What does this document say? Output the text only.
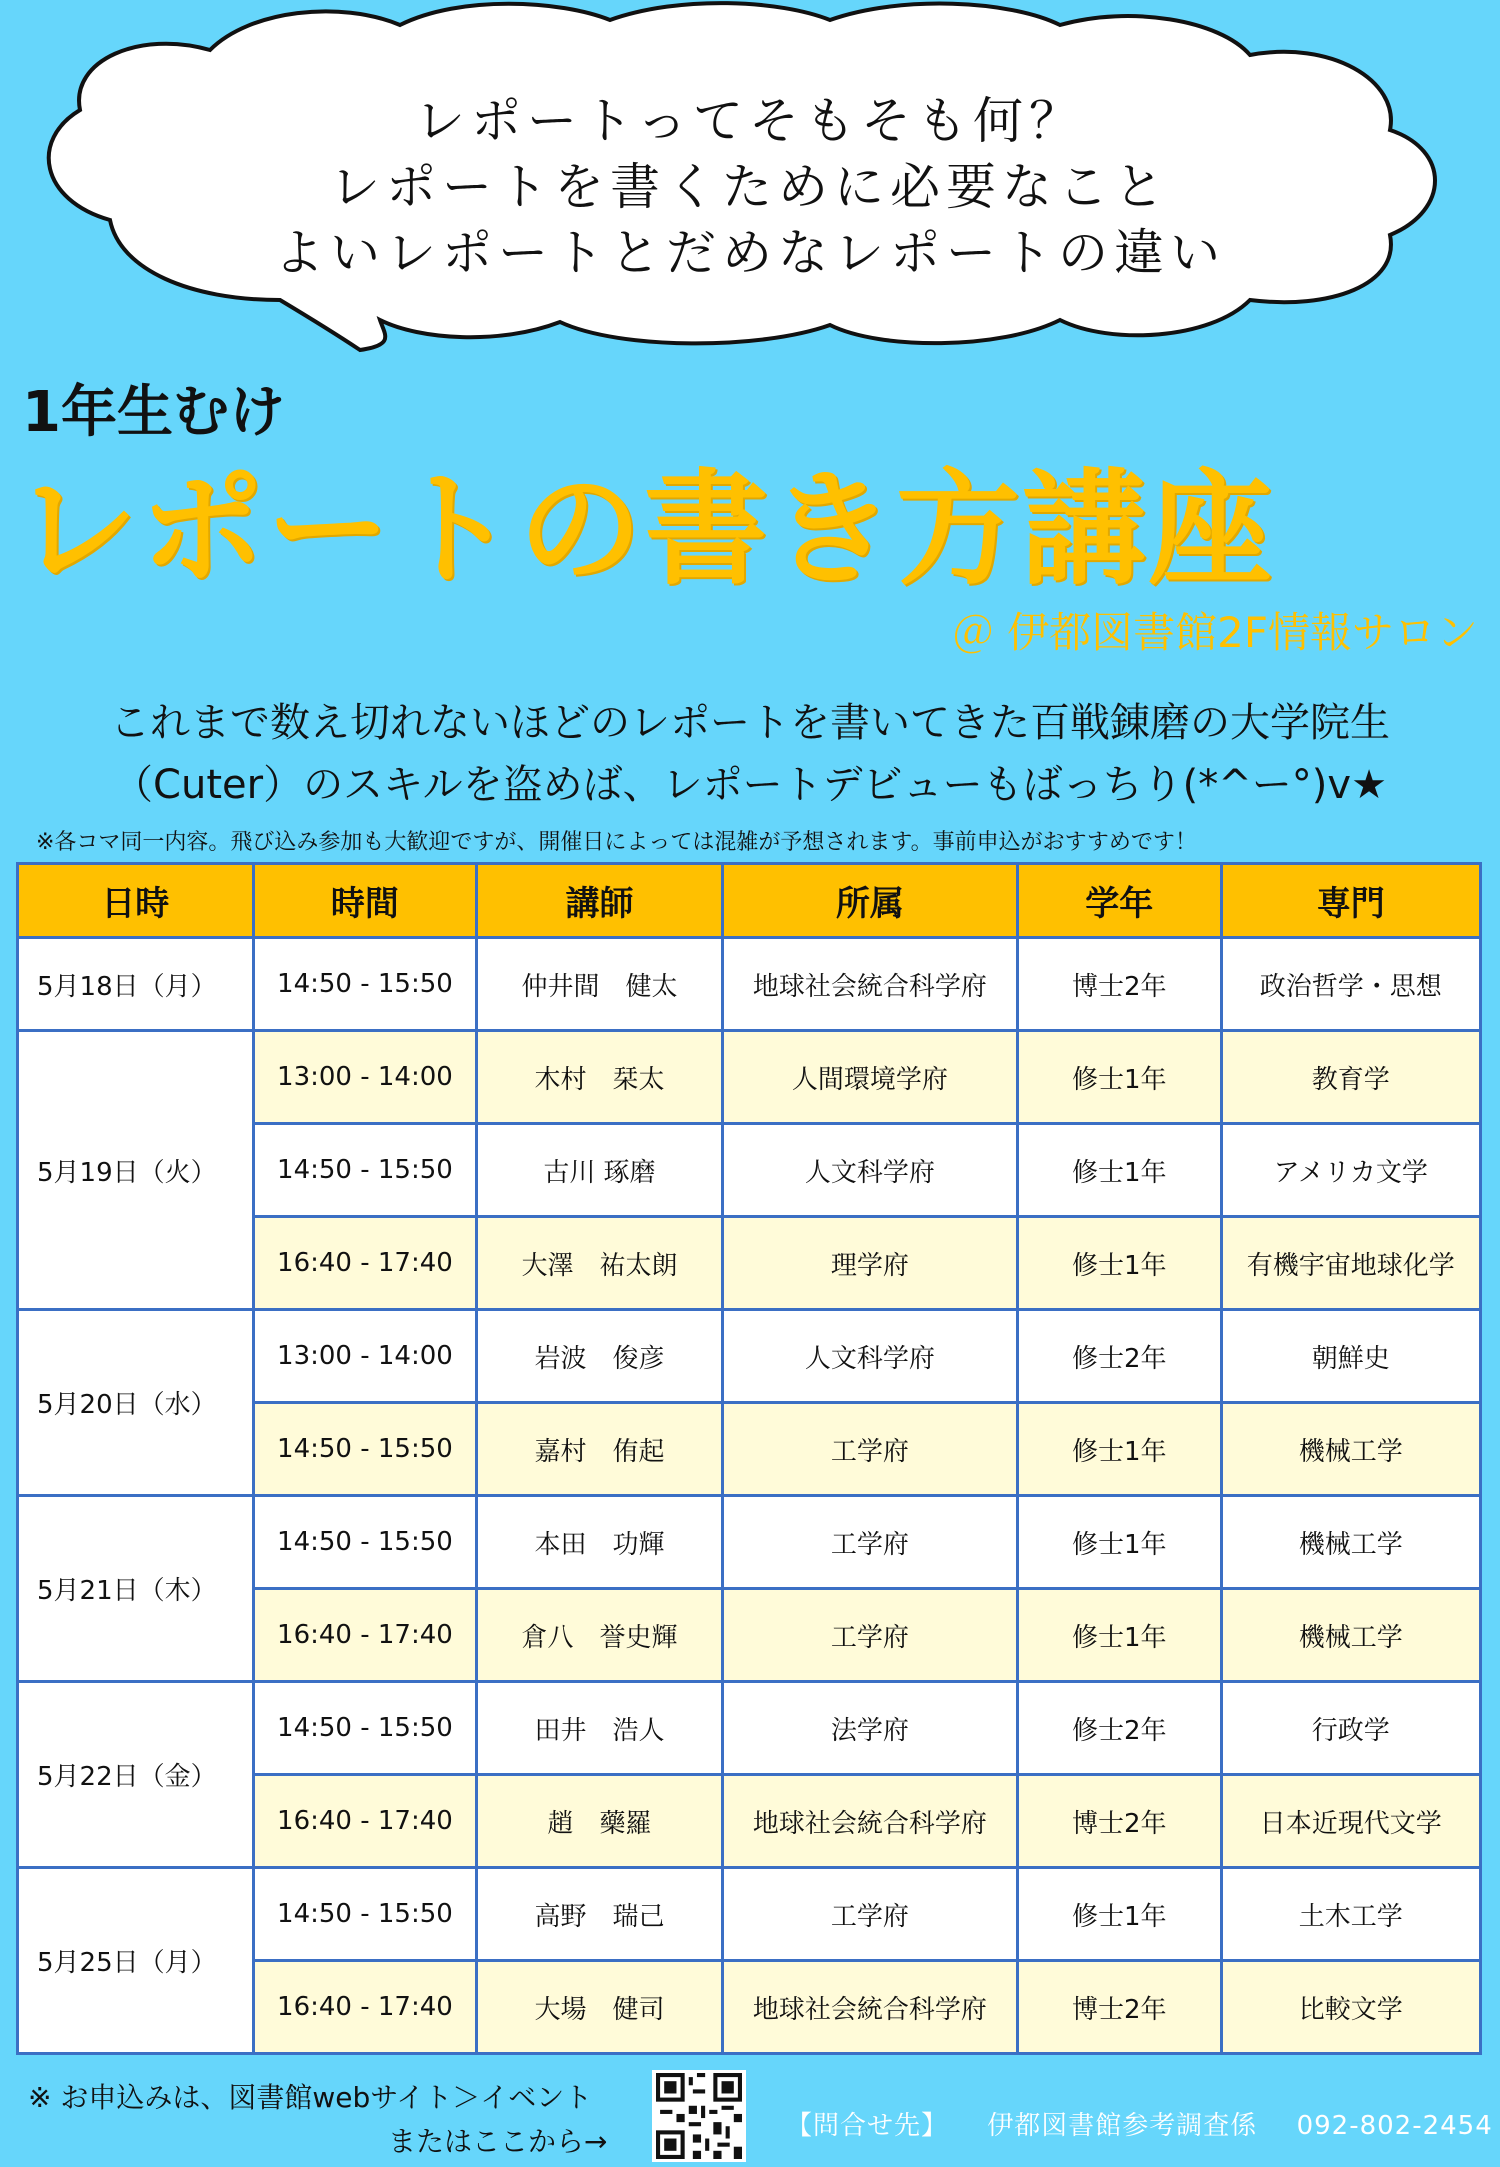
レポートってそもそも何？
レポートを書くために必要なこと
よいレポートとだめなレポートの違い
1年生むけ
レポートの書き方講座
＠ 伊都図書館2F情報サロン
これまで数え切れないほどのレポートを書いてきた百戦錬磨の大学院生
（Cuter）のスキルを盗めば、レポートデビューもばっちり(*^ー°)v★
※各コマ同一内容。飛び込み参加も大歓迎ですが、開催日によっては混雑が予想されます。事前申込がおすすめです！
日時	時間	講師	所属	学年	専門
5月18日（月）	14:50 - 15:50	仲井間　健太	地球社会統合科学府	博士2年	政治哲学・思想
5月19日（火）	13:00 - 14:00	木村　栞太	人間環境学府	修士1年	教育学
	14:50 - 15:50	古川 琢磨	人文科学府	修士1年	アメリカ文学
	16:40 - 17:40	大澤　祐太朗	理学府	修士1年	有機宇宙地球化学
5月20日（水）	13:00 - 14:00	岩波　俊彦	人文科学府	修士2年	朝鮮史
	14:50 - 15:50	嘉村　侑起	工学府	修士1年	機械工学
5月21日（木）	14:50 - 15:50	本田　功輝	工学府	修士1年	機械工学
	16:40 - 17:40	倉八　誉史輝	工学府	修士1年	機械工学
5月22日（金）	14:50 - 15:50	田井　浩人	法学府	修士2年	行政学
	16:40 - 17:40	趙　藥羅	地球社会統合科学府	博士2年	日本近現代文学
5月25日（月）	14:50 - 15:50	高野　瑞己	工学府	修士1年	土木工学
	16:40 - 17:40	大場　健司	地球社会統合科学府	博士2年	比較文学
※ お申込みは、図書館webサイト＞イベント
またはここから→	【問合せ先】 伊都図書館参考調査係 092-802-2454
